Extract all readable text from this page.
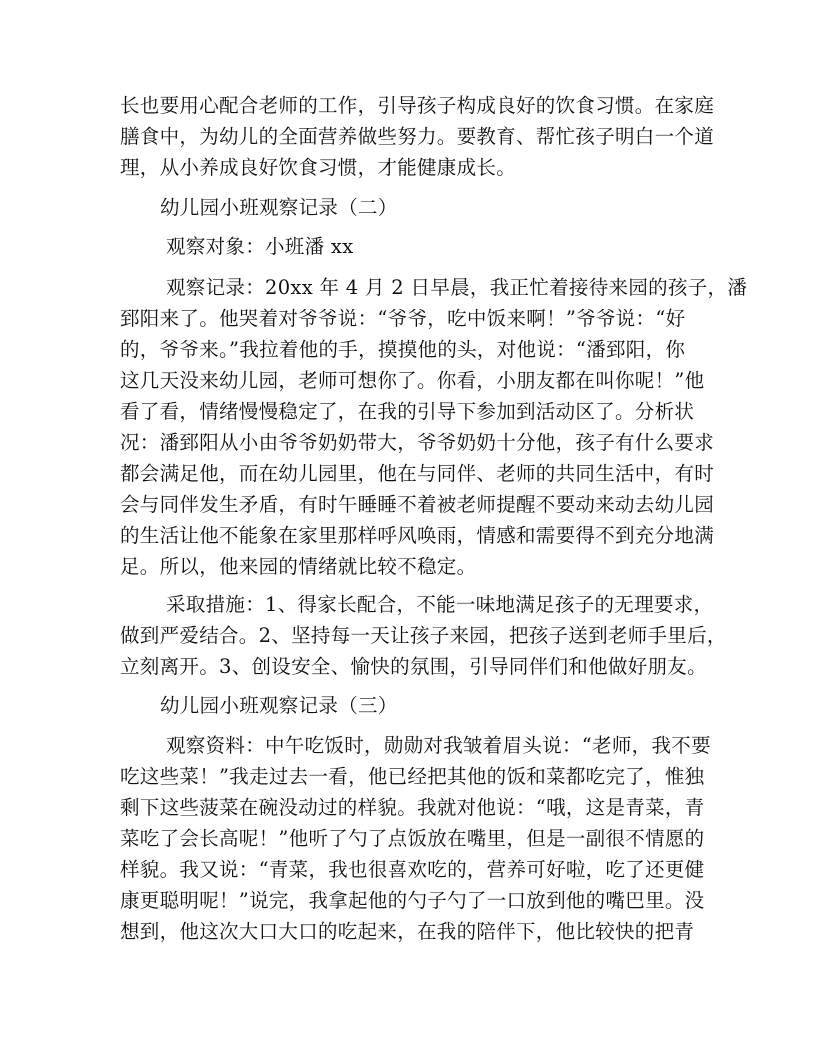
长也要用心配合老师的工作，引导孩子构成良好的饮食习惯。在家庭
膳食中，为幼儿的全面营养做些努力。要教育、帮忙孩子明白一个道
理，从小养成良好饮食习惯，才能健康成长。
幼儿园小班观察记录（二）
观察对象：小班潘 xx
观察记录：20xx 年 4 月 2 日早晨，我正忙着接待来园的孩子，潘
郅阳来了。他哭着对爷爷说：“爷爷，吃中饭来啊！”爷爷说：“好
的，爷爷来。”我拉着他的手，摸摸他的头，对他说：“潘郅阳，你
这几天没来幼儿园，老师可想你了。你看，小朋友都在叫你呢！”他
看了看，情绪慢慢稳定了，在我的引导下参加到活动区了。分析状
况：潘郅阳从小由爷爷奶奶带大，爷爷奶奶十分他，孩子有什么要求
都会满足他，而在幼儿园里，他在与同伴、老师的共同生活中，有时
会与同伴发生矛盾，有时午睡睡不着被老师提醒不要动来动去幼儿园
的生活让他不能象在家里那样呼风唤雨，情感和需要得不到充分地满
足。所以，他来园的情绪就比较不稳定。
采取措施：1、得家长配合，不能一味地满足孩子的无理要求，
做到严爱结合。2、坚持每一天让孩子来园，把孩子送到老师手里后，
立刻离开。3、创设安全、愉快的氛围，引导同伴们和他做好朋友。
幼儿园小班观察记录（三）
观察资料：中午吃饭时，勋勋对我皱着眉头说：“老师，我不要
吃这些菜！”我走过去一看，他已经把其他的饭和菜都吃完了，惟独
剩下这些菠菜在碗没动过的样貌。我就对他说：“哦，这是青菜，青
菜吃了会长高呢！”他听了勺了点饭放在嘴里，但是一副很不情愿的
样貌。我又说：“青菜，我也很喜欢吃的，营养可好啦，吃了还更健
康更聪明呢！”说完，我拿起他的勺子勺了一口放到他的嘴巴里。没
想到，他这次大口大口的吃起来，在我的陪伴下，他比较快的把青
